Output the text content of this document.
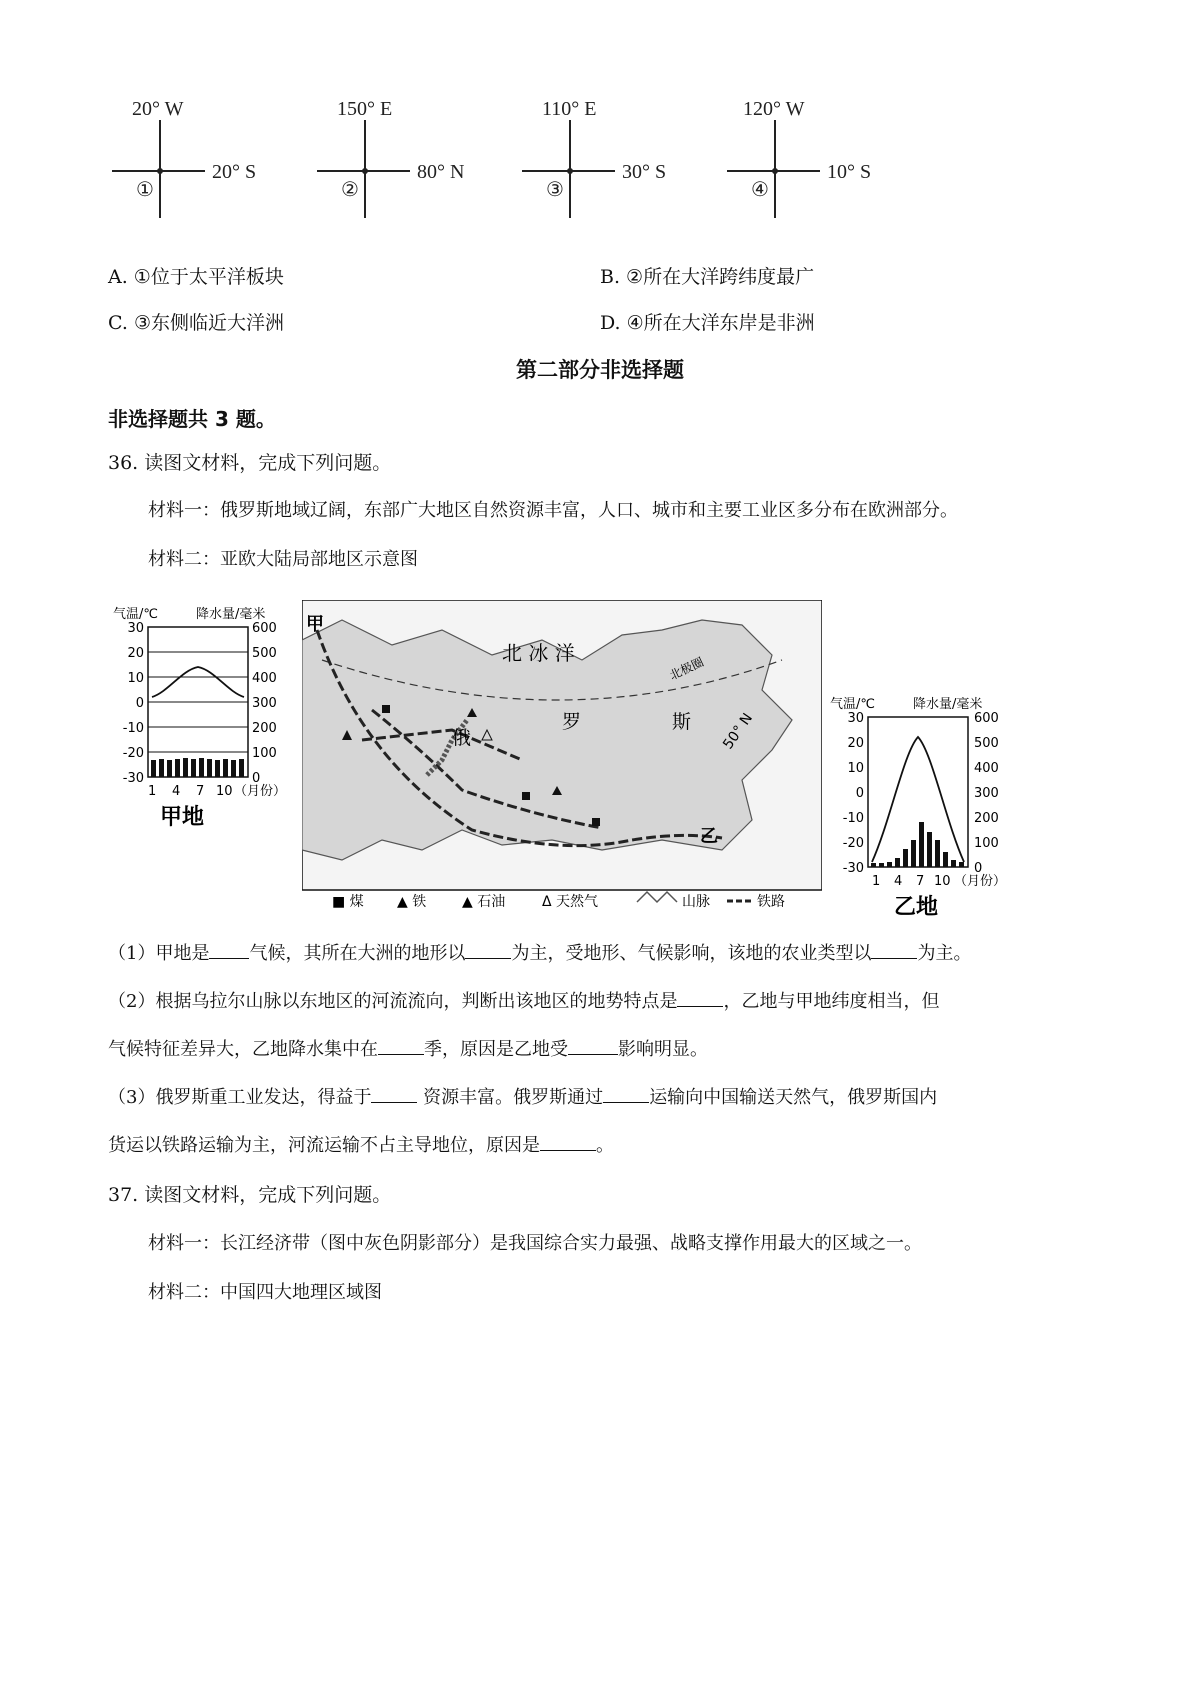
20° W
20° S
①
150° E
80° N
②
110° E
30° S
③
120° W
10° S
④
A. ①位于太平洋板块	B. ②所在大洋跨纬度最广
C. ③东侧临近大洋洲	D. ④所在大洋东岸是非洲
第二部分非选择题
非选择题共 3 题。
36. 读图文材料，完成下列问题。
材料一：俄罗斯地域辽阔，东部广大地区自然资源丰富，人口、城市和主要工业区多分布在欧洲部分。
材料二：亚欧大陆局部地区示意图
气温/℃	降水量/毫米
30
20
10
0
-10
-20
-30
600
500
400
300
200
100
0
1 4 7 10 （月份）
甲地
北 冰 洋
俄
罗	斯
北极圈
50° N
甲
乙
■ 煤 ▲ 铁	▲ 石油	Δ 天然气	山脉	铁路
气温/℃	降水量/毫米
30
20
10
0
-10
-20
-30
600
500
400
300
200
100
0
1 4 7 10 （月份）
乙地
（1）甲地是 气候，其所在大洲的地形以	为主，受地形、气候影响，该地的农业类型以	为主。
（2）根据乌拉尔山脉以东地区的河流流向，判断出该地区的地势特点是	，乙地与甲地纬度相当，但
气候特征差异大，乙地降水集中在	季，原因是乙地受	影响明显。
（3）俄罗斯重工业发达，得益于	资源丰富。俄罗斯通过	运输向中国输送天然气，俄罗斯国内
货运以铁路运输为主，河流运输不占主导地位，原因是	。
37. 读图文材料，完成下列问题。
材料一：长江经济带（图中灰色阴影部分）是我国综合实力最强、战略支撑作用最大的区域之一。
材料二：中国四大地理区域图
